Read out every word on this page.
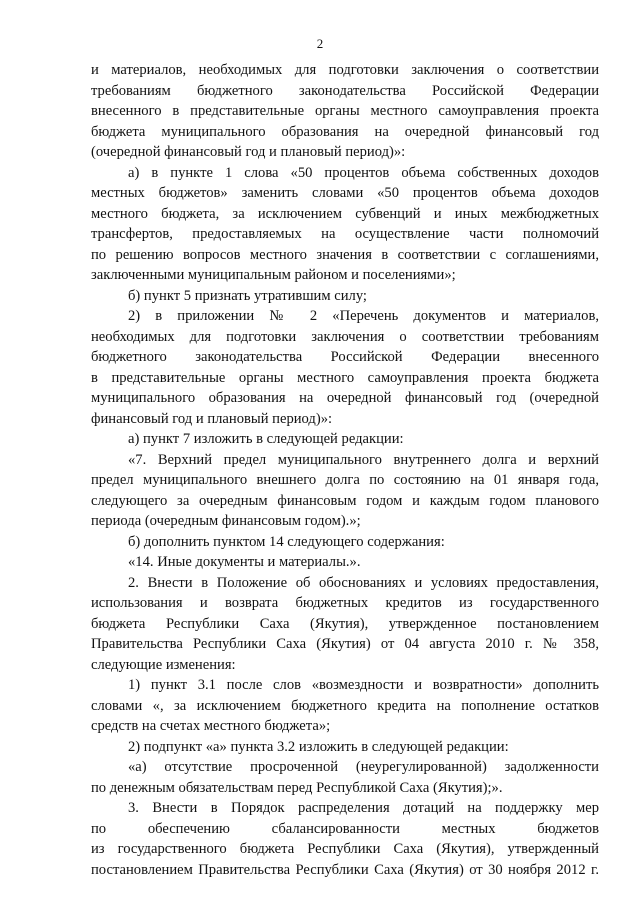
2
и материалов, необходимых для подготовки заключения о соответствии
требованиям бюджетного законодательства Российской Федерации
внесенного в представительные органы местного самоуправления проекта
бюджета муниципального образования на очередной финансовый год
(очередной финансовый год и плановый период)»:
а) в пункте 1 слова «50 процентов объема собственных доходов
местных бюджетов» заменить словами «50 процентов объема доходов
местного бюджета, за исключением субвенций и иных межбюджетных
трансфертов, предоставляемых на осуществление части полномочий
по решению вопросов местного значения в соответствии с соглашениями,
заключенными муниципальным районом и поселениями»;
б) пункт 5 признать утратившим силу;
2) в приложении № 2 «Перечень документов и материалов,
необходимых для подготовки заключения о соответствии требованиям
бюджетного законодательства Российской Федерации внесенного
в представительные органы местного самоуправления проекта бюджета
муниципального образования на очередной финансовый год (очередной
финансовый год и плановый период)»:
а) пункт 7 изложить в следующей редакции:
«7. Верхний предел муниципального внутреннего долга и верхний
предел муниципального внешнего долга по состоянию на 01 января года,
следующего за очередным финансовым годом и каждым годом планового
периода (очередным финансовым годом).»;
б) дополнить пунктом 14 следующего содержания:
«14. Иные документы и материалы.».
2. Внести в Положение об обоснованиях и условиях предоставления,
использования и возврата бюджетных кредитов из государственного
бюджета Республики Саха (Якутия), утвержденное постановлением
Правительства Республики Саха (Якутия) от 04 августа 2010 г. № 358,
следующие изменения:
1) пункт 3.1 после слов «возмездности и возвратности» дополнить
словами «, за исключением бюджетного кредита на пополнение остатков
средств на счетах местного бюджета»;
2) подпункт «а» пункта 3.2 изложить в следующей редакции:
«а) отсутствие просроченной (неурегулированной) задолженности
по денежным обязательствам перед Республикой Саха (Якутия);».
3. Внести в Порядок распределения дотаций на поддержку мер
по	обеспечению	сбалансированности	местных	бюджетов
из государственного бюджета Республики Саха (Якутия), утвержденный
постановлением Правительства Республики Саха (Якутия) от 30 ноября 2012 г.
